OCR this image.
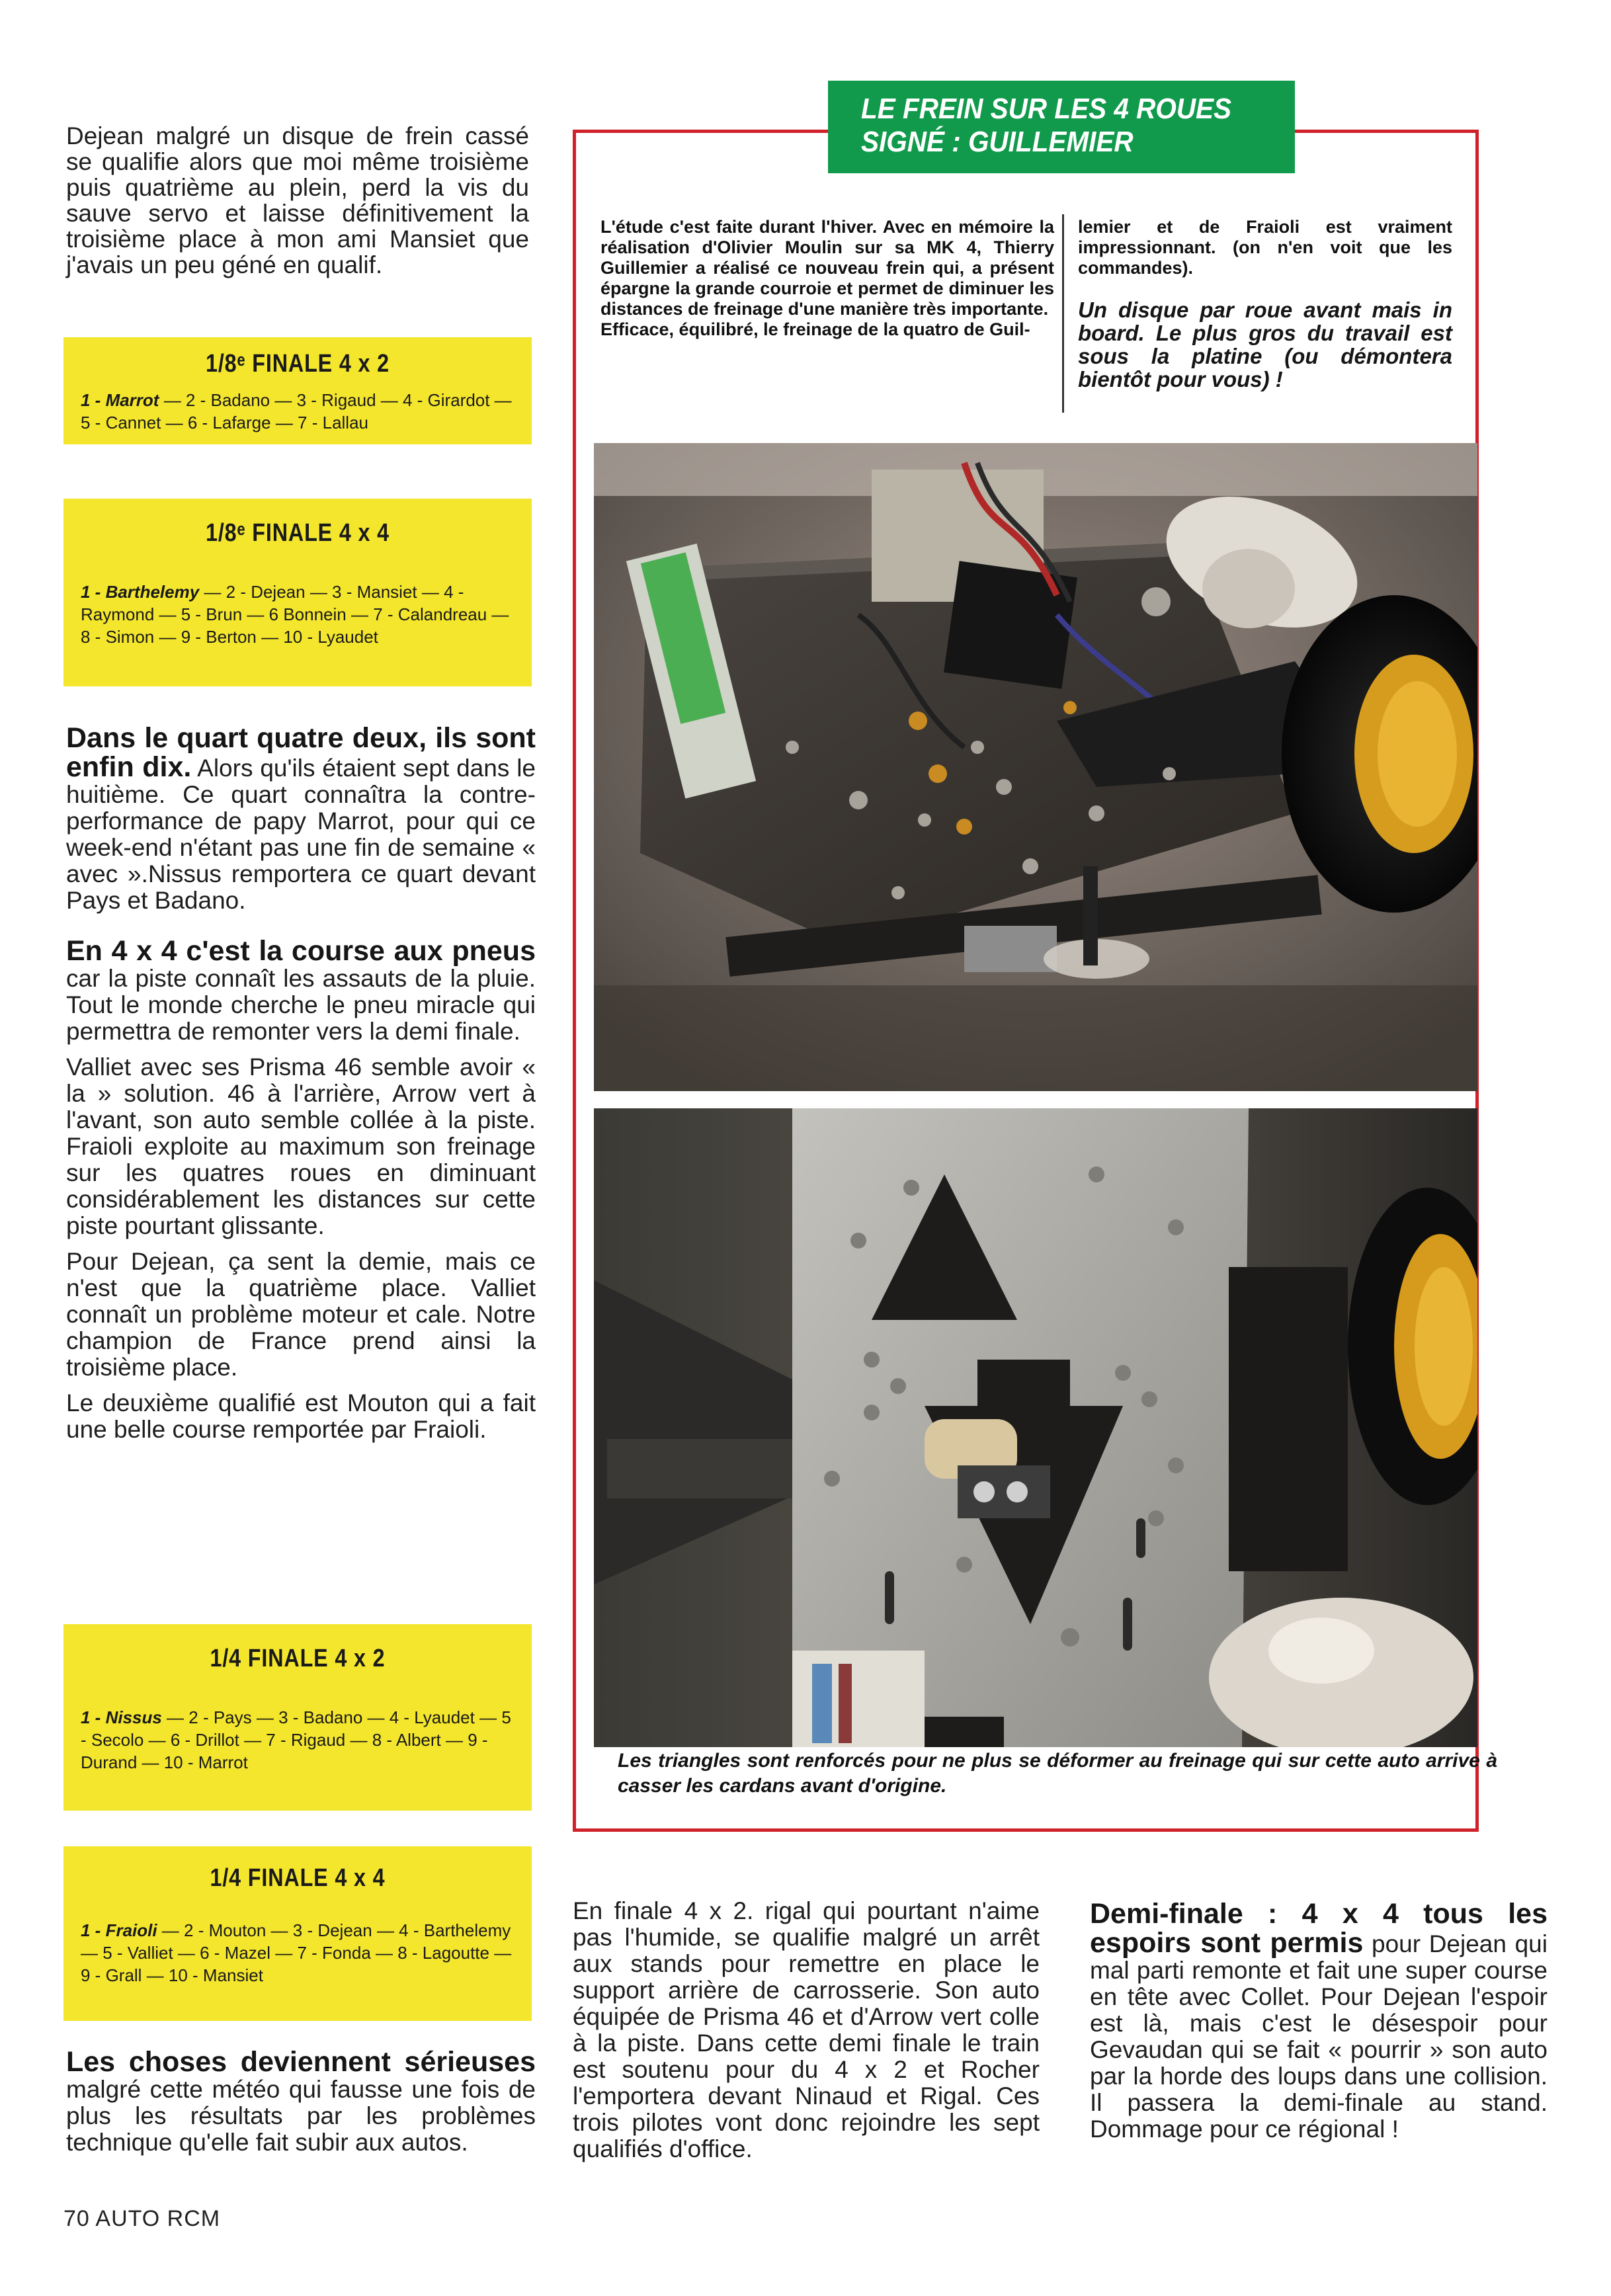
Dejean malgré un disque de frein cassé se qualifie alors que moi même troisième puis quatrième au plein, perd la vis du sauve servo et laisse définitivement la troisième place à mon ami Mansiet que j'avais un peu géné en qualif.

1/8ᵉ FINALE 4 x 2
1 - Marrot — 2 - Badano — 3 - Rigaud — 4 - Girardot — 5 - Cannet — 6 - Lafarge — 7 - Lallau
1/8ᵉ FINALE 4 x 4
1 - Barthelemy — 2 - Dejean — 3 - Mansiet — 4 - Raymond — 5 - Brun — 6 Bonnein — 7 - Calandreau — 8 - Simon — 9 - Berton — 10 - Lyaudet

Dans le quart quatre deux, ils sont enfin dix. Alors qu'ils étaient sept dans le huitième. Ce quart connaîtra la contre-performance de papy Marrot, pour qui ce week-end n'étant pas une fin de semaine « avec ».Nissus remportera ce quart devant Pays et Badano.

En 4 x 4 c'est la course aux pneus car la piste connaît les assauts de la pluie. Tout le monde cherche le pneu miracle qui permettra de remonter vers la demi finale.

Valliet avec ses Prisma 46 semble avoir « la » solution. 46 à l'arrière, Arrow vert à l'avant, son auto semble collée à la piste. Fraioli exploite au maximum son freinage sur les quatres roues en diminuant considérablement les distances sur cette piste pourtant glissante.

Pour Dejean, ça sent la demie, mais ce n'est que la quatrième place. Valliet connaît un problème moteur et cale. Notre champion de France prend ainsi la troisième place.

Le deuxième qualifié est Mouton qui a fait une belle course remportée par Fraioli.

1/4 FINALE 4 x 2
1 - Nissus — 2 - Pays — 3 - Badano — 4 - Lyaudet — 5 - Secolo — 6 - Drillot — 7 - Rigaud — 8 - Albert — 9 - Durand — 10 - Marrot
1/4 FINALE 4 x 4
1 - Fraioli — 2 - Mouton — 3 - Dejean — 4 - Barthelemy — 5 - Valliet — 6 - Mazel — 7 - Fonda — 8 - Lagoutte — 9 - Grall — 10 - Mansiet

Les choses deviennent sérieuses malgré cette météo qui fausse une fois de plus les résultats par les problèmes technique qu'elle fait subir aux autos.

70 AUTO RCM
LE FREIN SUR LES 4 ROUES
SIGNÉ : GUILLEMIER

L'étude c'est faite durant l'hiver. Avec en mémoire la réalisation d'Olivier Moulin sur sa MK 4, Thierry Guillemier a réalisé ce nouveau frein qui, a présent épargne la grande courroie et permet de diminuer les distances de freinage d'une manière très importante.

Efficace, équilibré, le freinage de la quatro de Guil-

lemier et de Fraioli est vraiment impressionnant. (on n'en voit que les commandes).

Un disque par roue avant mais in board. Le plus gros du travail est sous la platine (ou démontera bientôt pour vous) !

Les triangles sont renforcés pour ne plus se déformer au freinage qui sur cette auto arrive à casser les cardans avant d'origine.

En finale 4 x 2. rigal qui pourtant n'aime pas l'humide, se qualifie malgré un arrêt aux stands pour remettre en place le support arrière de carrosserie. Son auto équipée de Prisma 46 et d'Arrow vert colle à la piste. Dans cette demi finale le train est soutenu pour du 4 x 2 et Rocher l'emportera devant Ninaud et Rigal. Ces trois pilotes vont donc rejoindre les sept qualifiés d'office.

Demi-finale : 4 x 4 tous les espoirs sont permis pour Dejean qui mal parti remonte et fait une super course en tête avec Collet. Pour Dejean l'espoir est là, mais c'est le désespoir pour Gevaudan qui se fait « pourrir » son auto par la horde des loups dans une collision. Il passera la demi-finale au stand. Dommage pour ce régional !
